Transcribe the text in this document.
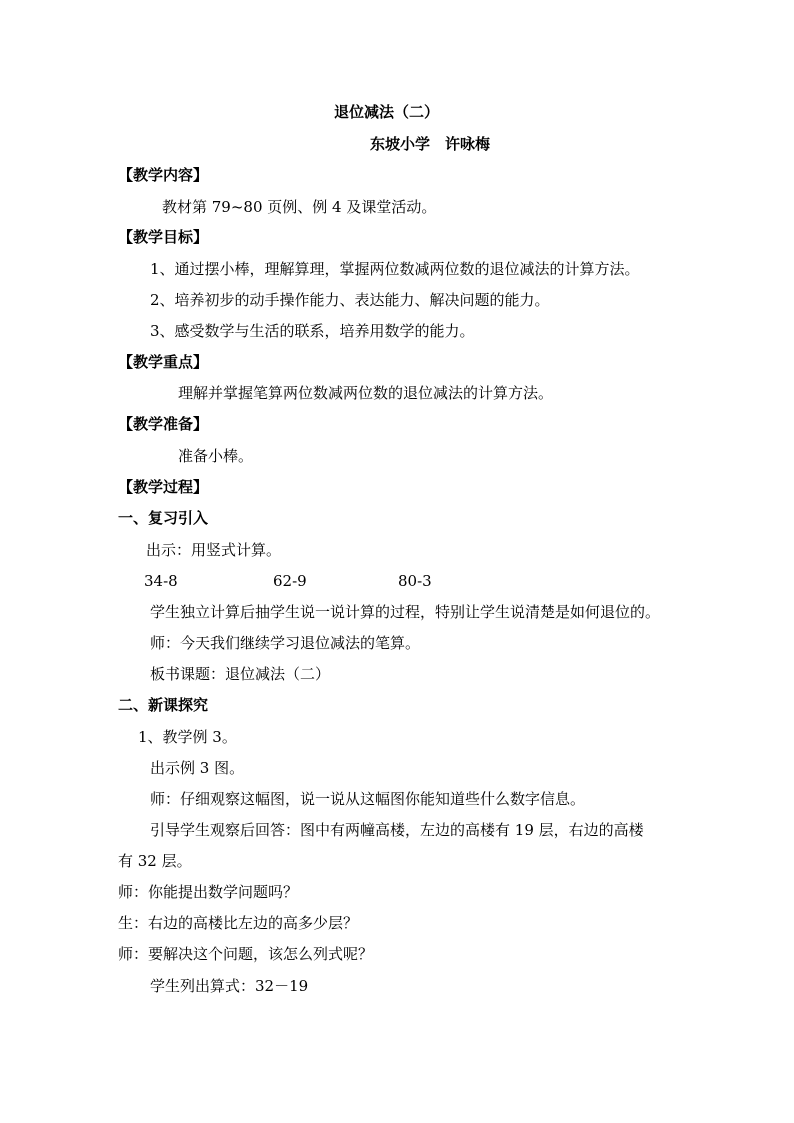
退位减法（二）
东坡小学　许咏梅
【教学内容】
教材第 79~80 页例、例 4 及课堂活动。
【教学目标】
1、通过摆小棒，理解算理，掌握两位数减两位数的退位减法的计算方法。
2、培养初步的动手操作能力、表达能力、解决问题的能力。
3、感受数学与生活的联系，培养用数学的能力。
【教学重点】
理解并掌握笔算两位数减两位数的退位减法的计算方法。
【教学准备】
准备小棒。
【教学过程】
一、复习引入
出示：用竖式计算。
34-8	62-9	80-3
学生独立计算后抽学生说一说计算的过程，特别让学生说清楚是如何退位的。
师：今天我们继续学习退位减法的笔算。
板书课题：退位减法（二）
二、新课探究
1、教学例 3。
出示例 3 图。
师：仔细观察这幅图，说一说从这幅图你能知道些什么数字信息。
引导学生观察后回答：图中有两幢高楼，左边的高楼有 19 层，右边的高楼
有 32 层。
师：你能提出数学问题吗？
生：右边的高楼比左边的高多少层？
师：要解决这个问题，该怎么列式呢？
学生列出算式：32－19
